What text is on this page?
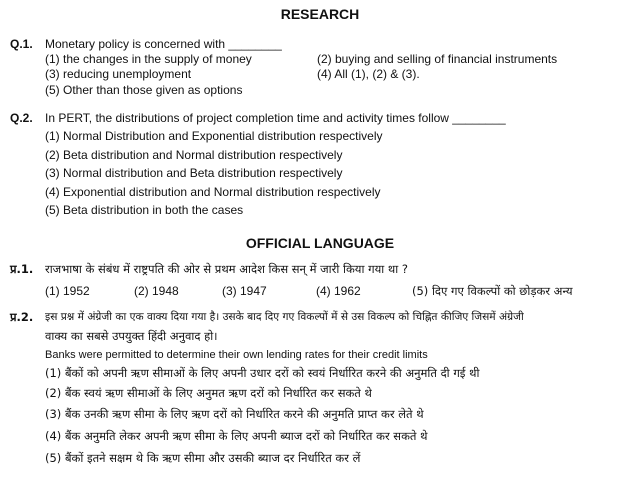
RESEARCH
Q.1. Monetary policy is concerned with ________
(1) the changes in the supply of money	(2) buying and selling of financial instruments
(3) reducing unemployment	(4) All (1), (2) & (3).
(5) Other than those given as options
Q.2. In PERT, the distributions of project completion time and activity times follow ________
(1) Normal Distribution and Exponential distribution respectively
(2) Beta distribution and Normal distribution respectively
(3) Normal distribution and Beta distribution respectively
(4) Exponential distribution and Normal distribution respectively
(5) Beta distribution in both the cases
OFFICIAL LANGUAGE
प्र.1. राजभाषा के संबंध में राष्ट्रपति की ओर से प्रथम आदेश किस सन् में जारी किया गया था ?
(1) 1952	(2) 1948	(3) 1947	(4) 1962	(5) दिए गए विकल्पों को छोड़कर अन्य
प्र.2. इस प्रश्न में अंग्रेजी का एक वाक्य दिया गया है। उसके बाद दिए गए विकल्पों में से उस विकल्प को चिह्नित कीजिए जिसमें अंग्रेजी
वाक्य का सबसे उपयुक्त हिंदी अनुवाद हो।
Banks were permitted to determine their own lending rates for their credit limits
(1) बैंकों को अपनी ऋण सीमाओं के लिए अपनी उधार दरों को स्वयं निर्धारित करने की अनुमति दी गई थी
(2) बैंक स्वयं ऋण सीमाओं के लिए अनुमत ऋण दरों को निर्धारित कर सकते थे
(3) बैंक उनकी ऋण सीमा के लिए ऋण दरों को निर्धारित करने की अनुमति प्राप्त कर लेते थे
(4) बैंक अनुमति लेकर अपनी ऋण सीमा के लिए अपनी ब्याज दरों को निर्धारित कर सकते थे
(5) बैंकों इतने सक्षम थे कि ऋण सीमा और उसकी ब्याज दर निर्धारित कर लें
